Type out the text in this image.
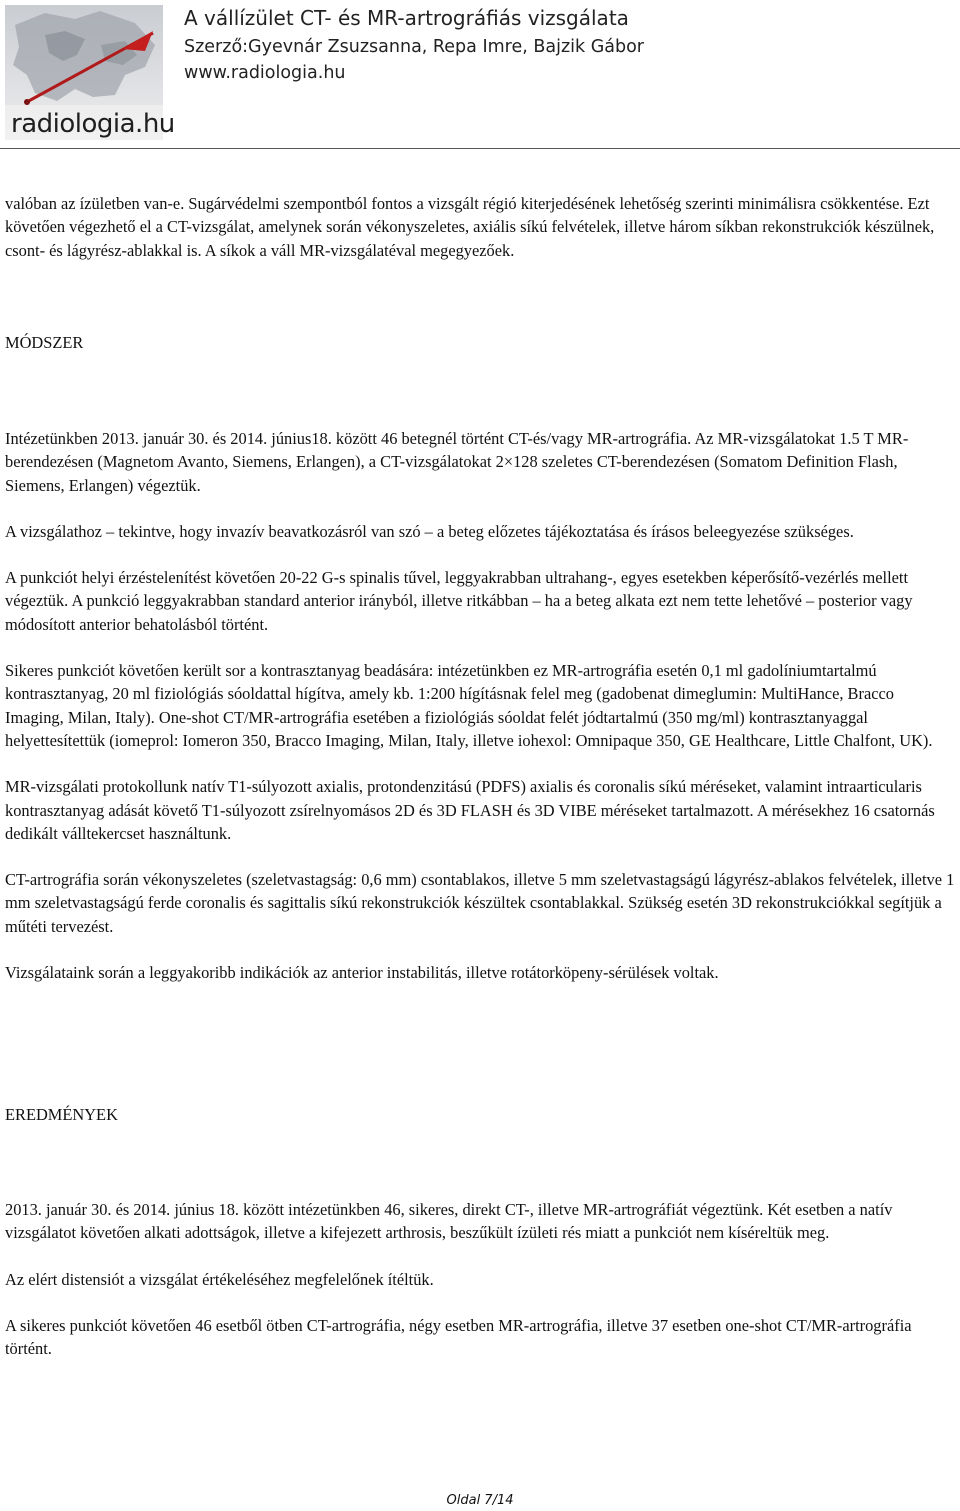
radiologia.hu
A vállízület CT- és MR-artrográfiás vizsgálata
Szerző:Gyevnár Zsuzsanna, Repa Imre, Bajzik Gábor
www.radiologia.hu

valóban az ízületben van-e. Sugárvédelmi szempontból fontos a vizsgált régió kiterjedésének lehetőség szerinti minimálisra csökkentése. Ezt követően végezhető el a CT-vizsgálat, amelynek során vékonyszeletes, axiális síkú felvételek, illetve három síkban rekonstrukciók készülnek, csont- és lágyrész-ablakkal is. A síkok a váll MR-vizsgálatéval megegyezőek.

MÓDSZER

Intézetünkben 2013. január 30. és 2014. június18. között 46 betegnél történt CT-és/vagy MR-artrográfia. Az MR-vizsgálatokat 1.5 T MR-berendezésen (Magnetom Avanto, Siemens, Erlangen), a CT-vizsgálatokat 2×128 szeletes CT-berendezésen (Somatom Definition Flash, Siemens, Erlangen) végeztük.

A vizsgálathoz – tekintve, hogy invazív beavatkozásról van szó – a beteg előzetes tájékoztatása és írásos beleegyezése szükséges.

A punkciót helyi érzéstelenítést követően 20-22 G-s spinalis tűvel, leggyakrabban ultrahang-, egyes esetekben képerősítő-vezérlés mellett végeztük. A punkció leggyakrabban standard anterior irányból, illetve ritkábban – ha a beteg alkata ezt nem tette lehetővé – posterior vagy módosított anterior behatolásból történt.

Sikeres punkciót követően került sor a kontrasztanyag beadására: intézetünkben ez MR-artrográfia esetén 0,1 ml gadolíniumtartalmú kontrasztanyag, 20 ml fiziológiás sóoldattal hígítva, amely kb. 1:200 hígításnak felel meg (gadobenat dimeglumin: MultiHance, Bracco Imaging, Milan, Italy). One-shot CT/MR-artrográfia esetében a fiziológiás sóoldat felét jódtartalmú (350 mg/ml) kontrasztanyaggal helyettesítettük (iomeprol: Iomeron 350, Bracco Imaging, Milan, Italy, illetve iohexol: Omnipaque 350, GE Healthcare, Little Chalfont, UK).

MR-vizsgálati protokollunk natív T1-súlyozott axialis, protondenzitású (PDFS) axialis és coronalis síkú méréseket, valamint intraarticularis kontrasztanyag adását követő T1-súlyozott zsírelnyomásos 2D és 3D FLASH és 3D VIBE méréseket tartalmazott. A mérésekhez 16 csatornás dedikált válltekercset használtunk.

CT-artrográfia során vékonyszeletes (szeletvastagság: 0,6 mm) csontablakos, illetve 5 mm szeletvastagságú lágyrész-ablakos felvételek, illetve 1 mm szeletvastagságú ferde coronalis és sagittalis síkú rekonstrukciók készültek csontablakkal. Szükség esetén 3D rekonstrukciókkal segítjük a műtéti tervezést.

Vizsgálataink során a leggyakoribb indikációk az anterior instabilitás, illetve rotátorköpeny-sérülések voltak.

EREDMÉNYEK

2013. január 30. és 2014. június 18. között intézetünkben 46, sikeres, direkt CT-, illetve MR-artrográfiát végeztünk. Két esetben a natív vizsgálatot követően alkati adottságok, illetve a kifejezett arthrosis, beszűkült ízületi rés miatt a punkciót nem kíséreltük meg.

Az elért distensiót a vizsgálat értékeléséhez megfelelőnek ítéltük.

A sikeres punkciót követően 46 esetből ötben CT-artrográfia, négy esetben MR-artrográfia, illetve 37 esetben one-shot CT/MR-artrográfia történt.

Oldal 7/14
